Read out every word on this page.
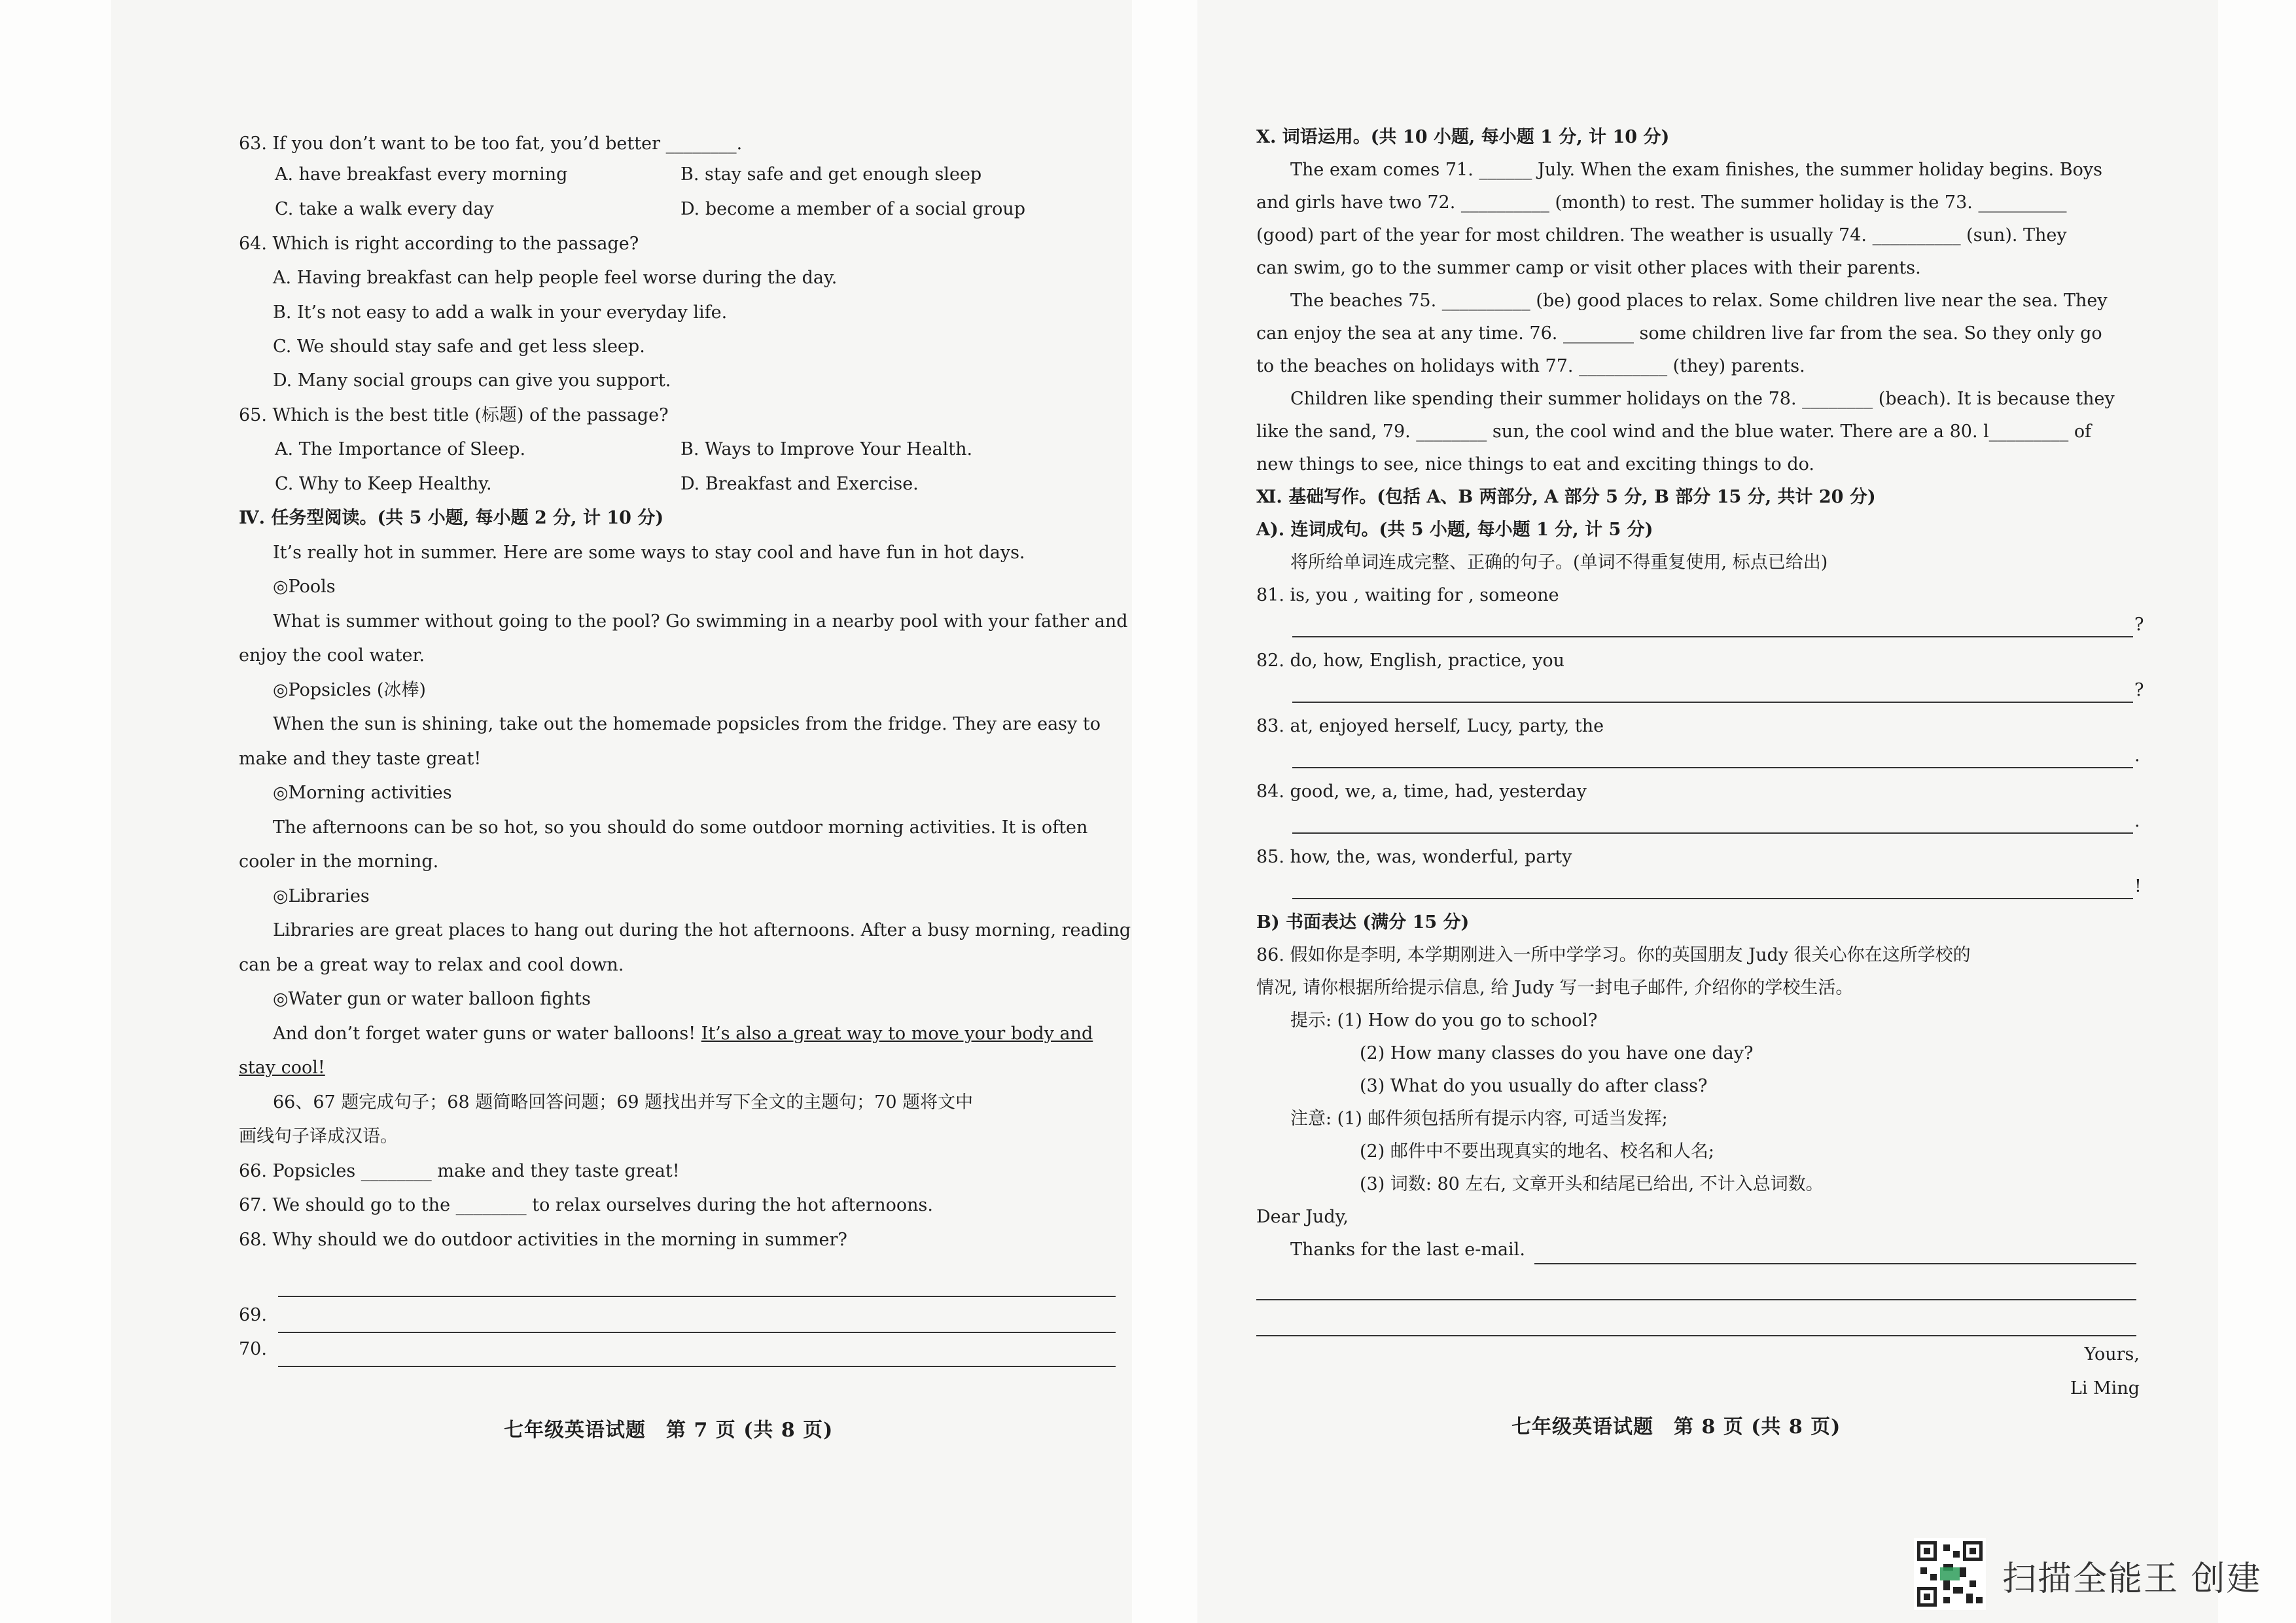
63. If you don’t want to be too fat, you’d better ________.
A. have breakfast every morning	B. stay safe and get enough sleep
C. take a walk every day	D. become a member of a social group
64. Which is right according to the passage?
A. Having breakfast can help people feel worse during the day.
B. It’s not easy to add a walk in your everyday life.
C. We should stay safe and get less sleep.
D. Many social groups can give you support.
65. Which is the best title (标题) of the passage?
A. The Importance of Sleep.	B. Ways to Improve Your Health.
C. Why to Keep Healthy.	D. Breakfast and Exercise.
Ⅳ. 任务型阅读。(共 5 小题, 每小题 2 分, 计 10 分)
It’s really hot in summer. Here are some ways to stay cool and have fun in hot days.
◎Pools
What is summer without going to the pool? Go swimming in a nearby pool with your father and
enjoy the cool water.
◎Popsicles (冰棒)
When the sun is shining, take out the homemade popsicles from the fridge. They are easy to
make and they taste great!
◎Morning activities
The afternoons can be so hot, so you should do some outdoor morning activities. It is often
cooler in the morning.
◎Libraries
Libraries are great places to hang out during the hot afternoons. After a busy morning, reading
can be a great way to relax and cool down.
◎Water gun or water balloon fights
And don’t forget water guns or water balloons! It’s also a great way to move your body and
stay cool!
66、67 题完成句子；68 题简略回答问题；69 题找出并写下全文的主题句；70 题将文中
画线句子译成汉语。
66. Popsicles ________ make and they taste great!
67. We should go to the ________ to relax ourselves during the hot afternoons.
68. Why should we do outdoor activities in the morning in summer?
69.
70.
七年级英语试题　第 7 页 (共 8 页)
Ⅹ. 词语运用。(共 10 小题, 每小题 1 分, 计 10 分)
The exam comes 71. ______ July. When the exam finishes, the summer holiday begins. Boys
and girls have two 72. __________ (month) to rest. The summer holiday is the 73. __________
(good) part of the year for most children. The weather is usually 74. __________ (sun). They
can swim, go to the summer camp or visit other places with their parents.
The beaches 75. __________ (be) good places to relax. Some children live near the sea. They
can enjoy the sea at any time. 76. ________ some children live far from the sea. So they only go
to the beaches on holidays with 77. __________ (they) parents.
Children like spending their summer holidays on the 78. ________ (beach). It is because they
like the sand, 79. ________ sun, the cool wind and the blue water. There are a 80. l_________ of
new things to see, nice things to eat and exciting things to do.
Ⅺ. 基础写作。(包括 A、B 两部分, A 部分 5 分, B 部分 15 分, 共计 20 分)
A). 连词成句。(共 5 小题, 每小题 1 分, 计 5 分)
将所给单词连成完整、正确的句子。(单词不得重复使用, 标点已给出)
81. is, you , waiting for , someone
?
82. do, how, English, practice, you
?
83. at, enjoyed herself, Lucy, party, the
.
84. good, we, a, time, had, yesterday
.
85. how, the, was, wonderful, party
!
B) 书面表达 (满分 15 分)
86. 假如你是李明, 本学期刚进入一所中学学习。你的英国朋友 Judy 很关心你在这所学校的
情况, 请你根据所给提示信息, 给 Judy 写一封电子邮件, 介绍你的学校生活。
提示: (1) How do you go to school?
(2) How many classes do you have one day?
(3) What do you usually do after class?
注意: (1) 邮件须包括所有提示内容, 可适当发挥;
(2) 邮件中不要出现真实的地名、校名和人名;
(3) 词数: 80 左右, 文章开头和结尾已给出, 不计入总词数。
Dear Judy,
Thanks for the last e-mail.
Yours,
Li Ming
七年级英语试题　第 8 页 (共 8 页)
扫描全能王 创建
